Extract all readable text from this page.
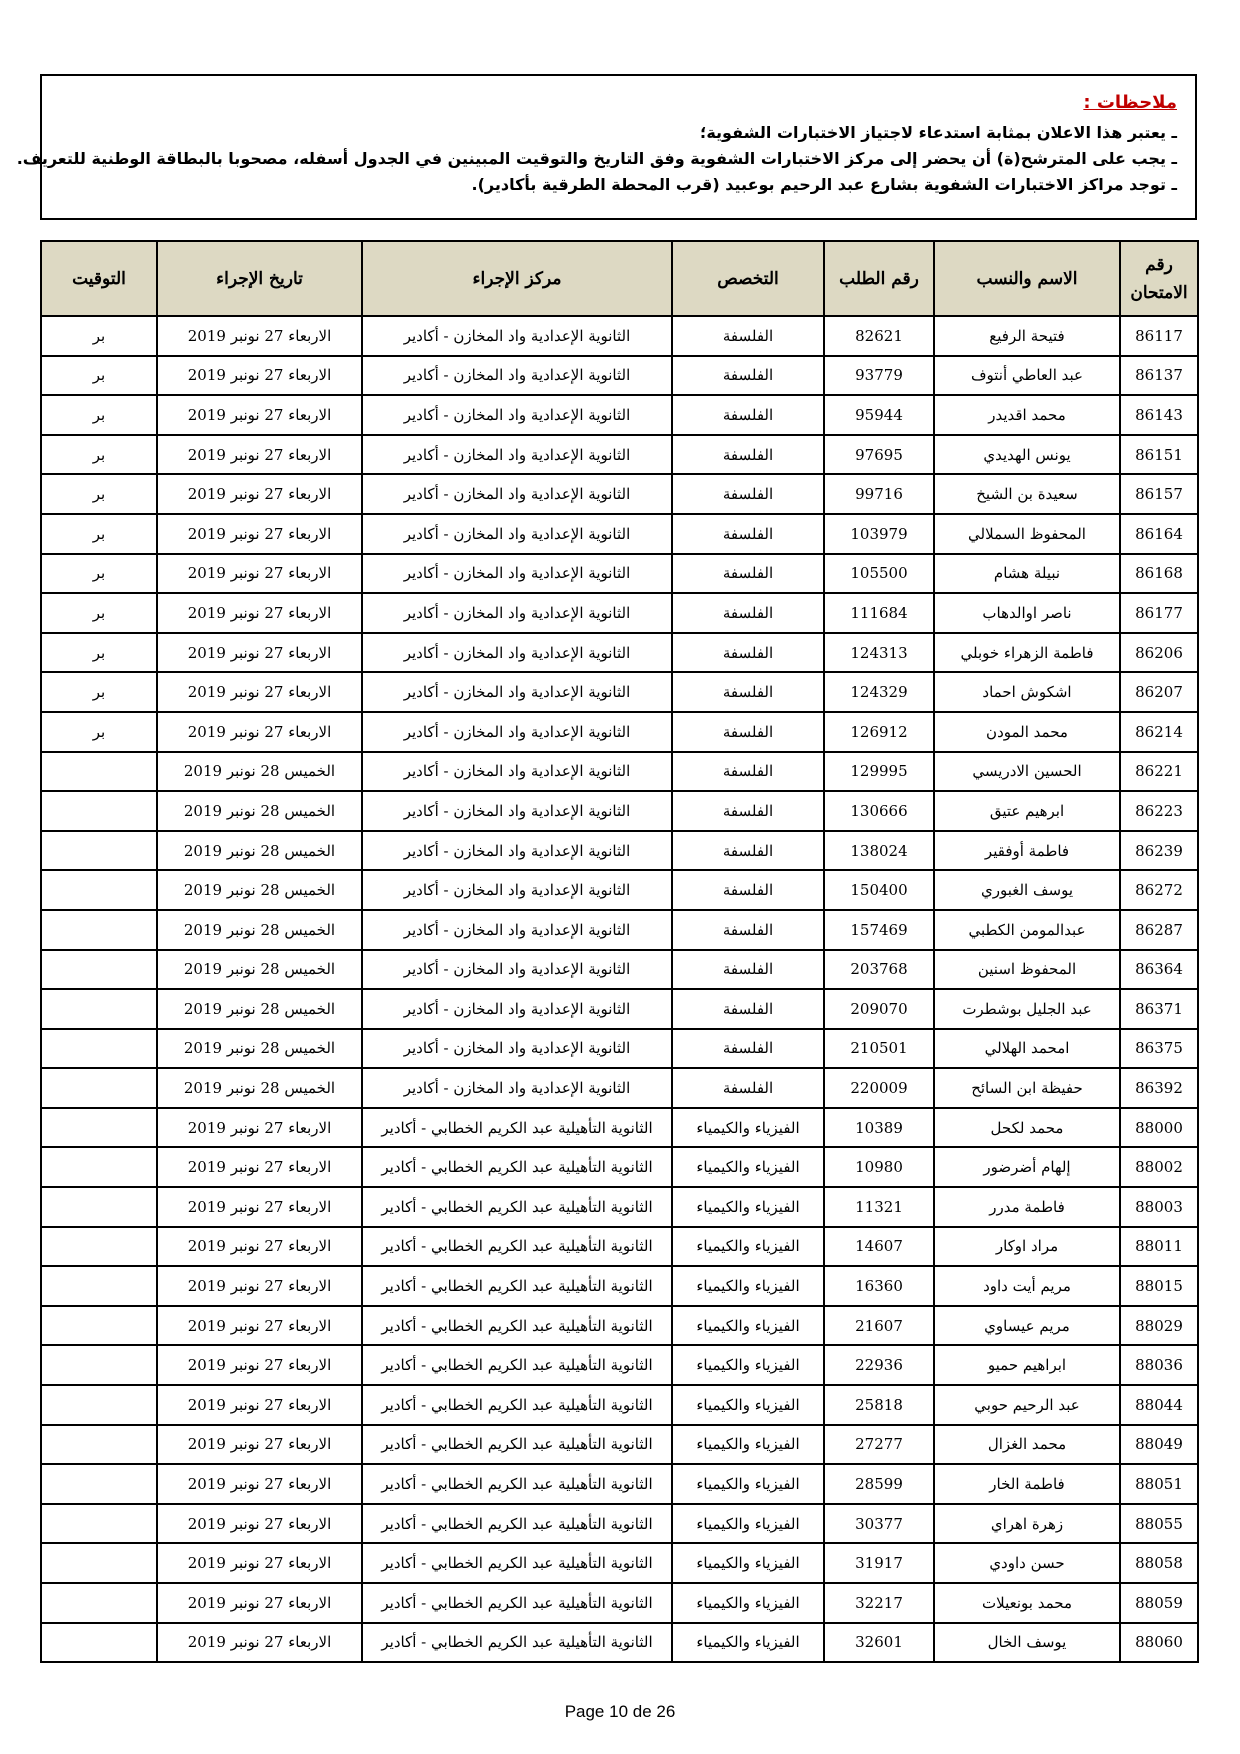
ملاحظات :
ـ يعتبر هذا الاعلان بمثابة استدعاء لاجتياز الاختبارات الشفوية؛
ـ يجب على المترشح(ة) أن يحضر إلى مركز الاختبارات الشفوية وفق التاريخ والتوقيت المبينين في الجدول أسفله، مصحوبا بالبطاقة الوطنية للتعريف.
ـ توجد مراكز الاختبارات الشفوية بشارع عبد الرحيم بوعبيد (قرب المحطة الطرقية بأكادير).
رقم الامتحان	الاسم والنسب	رقم الطلب	التخصص	مركز الإجراء	تاريخ الإجراء	التوقيت
86117	فتيحة الرفيع	82621	الفلسفة	الثانوية الإعدادية واد المخازن - أكادير	الاربعاء 27 نونبر 2019	بر
86137	عبد العاطي أنتوف	93779	الفلسفة	الثانوية الإعدادية واد المخازن - أكادير	الاربعاء 27 نونبر 2019	بر
86143	محمد اقديدر	95944	الفلسفة	الثانوية الإعدادية واد المخازن - أكادير	الاربعاء 27 نونبر 2019	بر
86151	يونس الهديدي	97695	الفلسفة	الثانوية الإعدادية واد المخازن - أكادير	الاربعاء 27 نونبر 2019	بر
86157	سعيدة بن الشيخ	99716	الفلسفة	الثانوية الإعدادية واد المخازن - أكادير	الاربعاء 27 نونبر 2019	بر
86164	المحفوظ السملالي	103979	الفلسفة	الثانوية الإعدادية واد المخازن - أكادير	الاربعاء 27 نونبر 2019	بر
86168	نبيلة هشام	105500	الفلسفة	الثانوية الإعدادية واد المخازن - أكادير	الاربعاء 27 نونبر 2019	بر
86177	ناصر اوالدهاب	111684	الفلسفة	الثانوية الإعدادية واد المخازن - أكادير	الاربعاء 27 نونبر 2019	بر
86206	فاطمة الزهراء خوبلي	124313	الفلسفة	الثانوية الإعدادية واد المخازن - أكادير	الاربعاء 27 نونبر 2019	بر
86207	اشكوش احماد	124329	الفلسفة	الثانوية الإعدادية واد المخازن - أكادير	الاربعاء 27 نونبر 2019	بر
86214	محمد المودن	126912	الفلسفة	الثانوية الإعدادية واد المخازن - أكادير	الاربعاء 27 نونبر 2019	بر
86221	الحسين الادريسي	129995	الفلسفة	الثانوية الإعدادية واد المخازن - أكادير	الخميس 28 نونبر 2019	
86223	ابرهيم عتيق	130666	الفلسفة	الثانوية الإعدادية واد المخازن - أكادير	الخميس 28 نونبر 2019	
86239	فاطمة أوفقير	138024	الفلسفة	الثانوية الإعدادية واد المخازن - أكادير	الخميس 28 نونبر 2019	
86272	يوسف الغبوري	150400	الفلسفة	الثانوية الإعدادية واد المخازن - أكادير	الخميس 28 نونبر 2019	
86287	عبدالمومن الكطبي	157469	الفلسفة	الثانوية الإعدادية واد المخازن - أكادير	الخميس 28 نونبر 2019	
86364	المحفوظ اسنين	203768	الفلسفة	الثانوية الإعدادية واد المخازن - أكادير	الخميس 28 نونبر 2019	
86371	عبد الجليل بوشطرت	209070	الفلسفة	الثانوية الإعدادية واد المخازن - أكادير	الخميس 28 نونبر 2019	
86375	امحمد الهلالي	210501	الفلسفة	الثانوية الإعدادية واد المخازن - أكادير	الخميس 28 نونبر 2019	
86392	حفيظة ابن السائح	220009	الفلسفة	الثانوية الإعدادية واد المخازن - أكادير	الخميس 28 نونبر 2019	
88000	محمد لكحل	10389	الفيزياء والكيمياء	الثانوية التأهيلية عبد الكريم الخطابي - أكادير	الاربعاء 27 نونبر 2019	
88002	إلهام أضرضور	10980	الفيزياء والكيمياء	الثانوية التأهيلية عبد الكريم الخطابي - أكادير	الاربعاء 27 نونبر 2019	
88003	فاطمة مدرر	11321	الفيزياء والكيمياء	الثانوية التأهيلية عبد الكريم الخطابي - أكادير	الاربعاء 27 نونبر 2019	
88011	مراد اوكار	14607	الفيزياء والكيمياء	الثانوية التأهيلية عبد الكريم الخطابي - أكادير	الاربعاء 27 نونبر 2019	
88015	مريم أيت داود	16360	الفيزياء والكيمياء	الثانوية التأهيلية عبد الكريم الخطابي - أكادير	الاربعاء 27 نونبر 2019	
88029	مريم عيساوي	21607	الفيزياء والكيمياء	الثانوية التأهيلية عبد الكريم الخطابي - أكادير	الاربعاء 27 نونبر 2019	
88036	ابراهيم حميو	22936	الفيزياء والكيمياء	الثانوية التأهيلية عبد الكريم الخطابي - أكادير	الاربعاء 27 نونبر 2019	
88044	عبد الرحيم حوبي	25818	الفيزياء والكيمياء	الثانوية التأهيلية عبد الكريم الخطابي - أكادير	الاربعاء 27 نونبر 2019	
88049	محمد الغزال	27277	الفيزياء والكيمياء	الثانوية التأهيلية عبد الكريم الخطابي - أكادير	الاربعاء 27 نونبر 2019	
88051	فاطمة الخار	28599	الفيزياء والكيمياء	الثانوية التأهيلية عبد الكريم الخطابي - أكادير	الاربعاء 27 نونبر 2019	
88055	زهرة اهراي	30377	الفيزياء والكيمياء	الثانوية التأهيلية عبد الكريم الخطابي - أكادير	الاربعاء 27 نونبر 2019	
88058	حسن داودي	31917	الفيزياء والكيمياء	الثانوية التأهيلية عبد الكريم الخطابي - أكادير	الاربعاء 27 نونبر 2019	
88059	محمد بونعيلات	32217	الفيزياء والكيمياء	الثانوية التأهيلية عبد الكريم الخطابي - أكادير	الاربعاء 27 نونبر 2019	
88060	يوسف الخال	32601	الفيزياء والكيمياء	الثانوية التأهيلية عبد الكريم الخطابي - أكادير	الاربعاء 27 نونبر 2019	
Page 10 de 26
